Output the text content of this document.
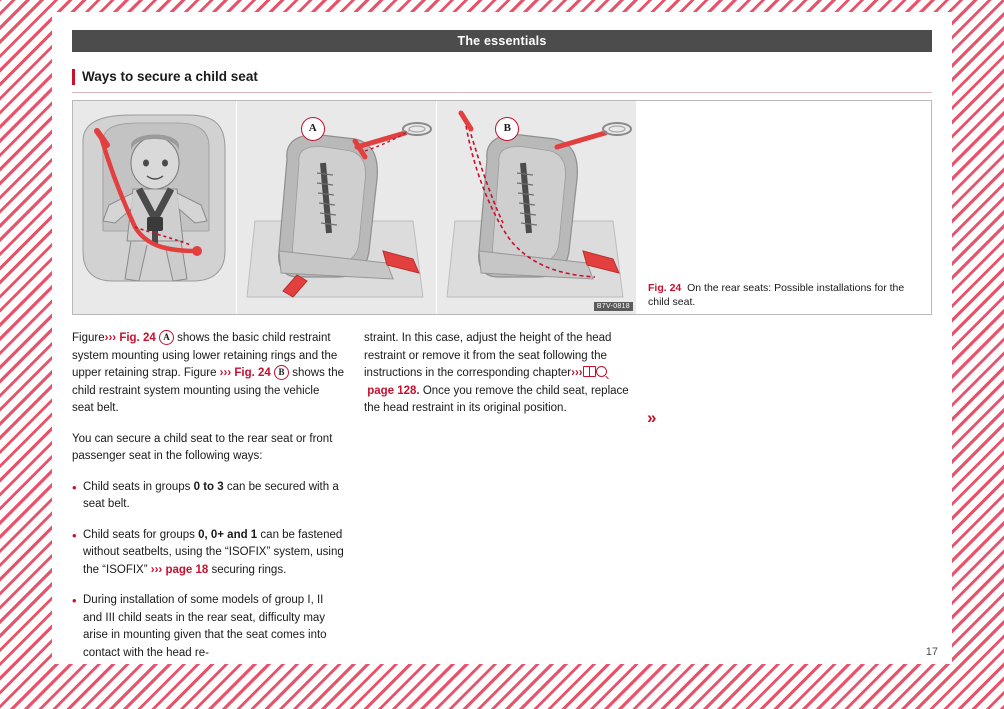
The essentials
Ways to secure a child seat
A	B
B7V-0818
Fig. 24 On the rear seats: Possible installations for the child seat.

Figure››› Fig. 24 A shows the basic child restraint system mounting using lower retaining rings and the upper retaining strap. Figure ››› Fig. 24 B shows the child restraint system mounting using the vehicle seat belt.

You can secure a child seat to the rear seat or front passenger seat in the following ways:

• Child seats in groups 0 to 3 can be secured with a seat belt.
• Child seats for groups 0, 0+ and 1 can be fastened without seatbelts, using the “ISOFIX” system, using the “ISOFIX” ››› page 18 securing rings.
• During installation of some models of group I, II and III child seats in the rear seat, difficulty may arise in mounting given that the seat comes into contact with the head re-

straint. In this case, adjust the height of the head restraint or remove it from the seat following the instructions in the corresponding chapter››› page 128. Once you remove the child seat, replace the head restraint in its original position.	»
17
